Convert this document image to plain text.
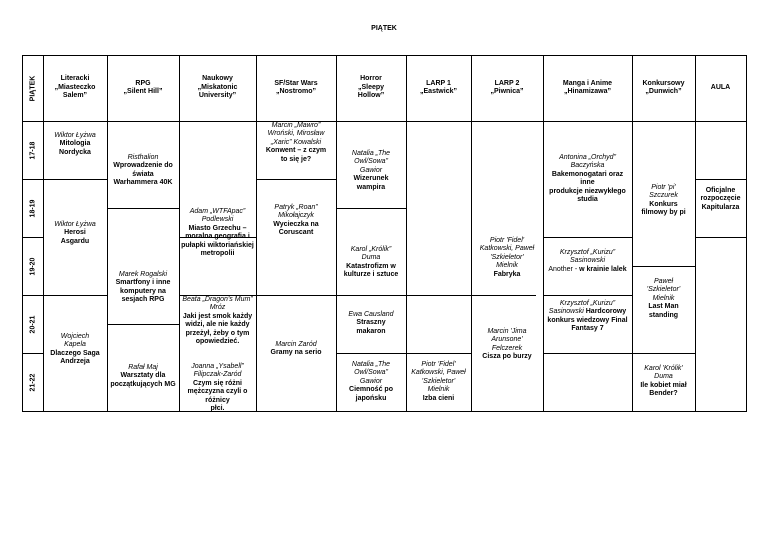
PIĄTEK
PIĄTEK
17-18
18-19
19-20
20-21
21-22
Literacki
„Miasteczko
Salem”
RPG
„Silent Hill”
Naukowy
„Miskatonic
University”
SF/Star Wars
„Nostromo”
Horror
„Sleepy
Hollow”
LARP 1
„Eastwick”
LARP 2
„Piwnica”
Manga i Anime
„Hinamizawa”
Konkursowy
„Dunwich”
AULA
Wiktor Łyżwa
Mitologia
Nordycka
Wiktor Łyżwa
Herosi
Asgardu
Wojciech
Kapela
Dlaczego Saga
Andrzeja
Risthalion
Wprowadzenie do
świata
Warhammera 40K
Marek Rogalski
Smartfony i inne
komputery na
sesjach RPG
Rafał Maj
Warsztaty dla
początkujących MG
Adam „WTFApac”
Podlewski
Miasto Grzechu –
moralna geografia i
pułapki wiktoriańskiej
metropolii
Beata „Dragon’s Mum”
Mróz
Jaki jest smok każdy
widzi, ale nie każdy
przeżył, żeby o tym
opowiedzieć.
Joanna „Ysabell”
Filipczak-Zaród
Czym się różni
mężczyzna czyli o różnicy
płci.
Marcin „Mawro”
Wroński, Mirosław
„Xaric” Kowalski
Konwent – z czym
to się je?
Patryk „Roan”
Mikołajczyk
Wycieczka na
Coruscant
Marcin Zaród
Gramy na serio
Natalia „The
Owl/Sowa”
Gawior
Wizerunek
wampira
Karol „Królik”
Duma
Katastrofizm w
kulturze i sztuce
Ewa Causland
Straszny
makaron
Natalia „The
Owl/Sowa”
Gawior
Ciemność po
japońsku
Piotr 'Fidel'
Katkowski, Paweł
'Szkieletor'
Mielnik
Izba cieni
Piotr 'Fidel'
Katkowski, Paweł
'Szkieletor'
Mielnik
Fabryka
Marcin 'Jima
Arunsone'
Felczerek
Cisza po burzy
Antonina „Orchyd”
Baczyńska
Bakemonogatari oraz inne
produkcje niezwykłego
studia
Krzysztof „Kurizu”
Sasinowski
Another - w krainie lalek
Krzysztof „Kurizu” Sasinowski Hardcorowy
konkurs wiedzowy Final
Fantasy 7
Piotr 'pi'
Szczurek
Konkurs
filmowy by pi
Paweł
'Szkieletor'
Mielnik
Last Man
standing
Karol 'Królik'
Duma
Ile kobiet miał
Bender?
Oficjalne
rozpoczęcie
Kapitularza
